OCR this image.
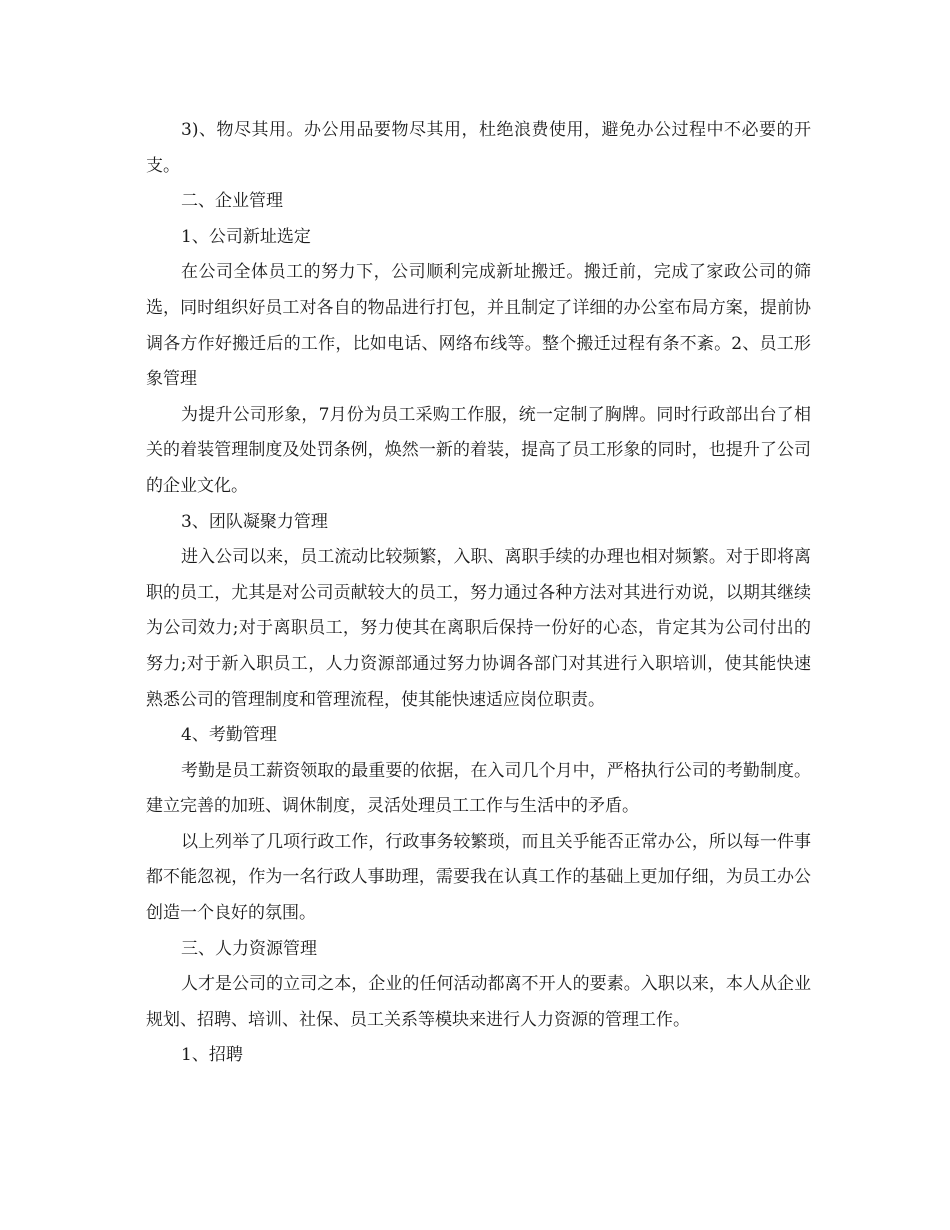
3)、物尽其用。办公用品要物尽其用，杜绝浪费使用，避免办公过程中不必要的开支。

二、企业管理

1、公司新址选定

在公司全体员工的努力下，公司顺利完成新址搬迁。搬迁前，完成了家政公司的筛选，同时组织好员工对各自的物品进行打包，并且制定了详细的办公室布局方案，提前协调各方作好搬迁后的工作，比如电话、网络布线等。整个搬迁过程有条不紊。2、员工形象管理

为提升公司形象，7月份为员工采购工作服，统一定制了胸牌。同时行政部出台了相关的着装管理制度及处罚条例，焕然一新的着装，提高了员工形象的同时，也提升了公司的企业文化。

3、团队凝聚力管理

进入公司以来，员工流动比较频繁，入职、离职手续的办理也相对频繁。对于即将离职的员工，尤其是对公司贡献较大的员工，努力通过各种方法对其进行劝说，以期其继续为公司效力;对于离职员工，努力使其在离职后保持一份好的心态，肯定其为公司付出的努力;对于新入职员工，人力资源部通过努力协调各部门对其进行入职培训，使其能快速熟悉公司的管理制度和管理流程，使其能快速适应岗位职责。

4、考勤管理

考勤是员工薪资领取的最重要的依据，在入司几个月中，严格执行公司的考勤制度。建立完善的加班、调休制度，灵活处理员工工作与生活中的矛盾。

以上列举了几项行政工作，行政事务较繁琐，而且关乎能否正常办公，所以每一件事都不能忽视，作为一名行政人事助理，需要我在认真工作的基础上更加仔细，为员工办公创造一个良好的氛围。

三、人力资源管理

人才是公司的立司之本，企业的任何活动都离不开人的要素。入职以来，本人从企业规划、招聘、培训、社保、员工关系等模块来进行人力资源的管理工作。

1、招聘
